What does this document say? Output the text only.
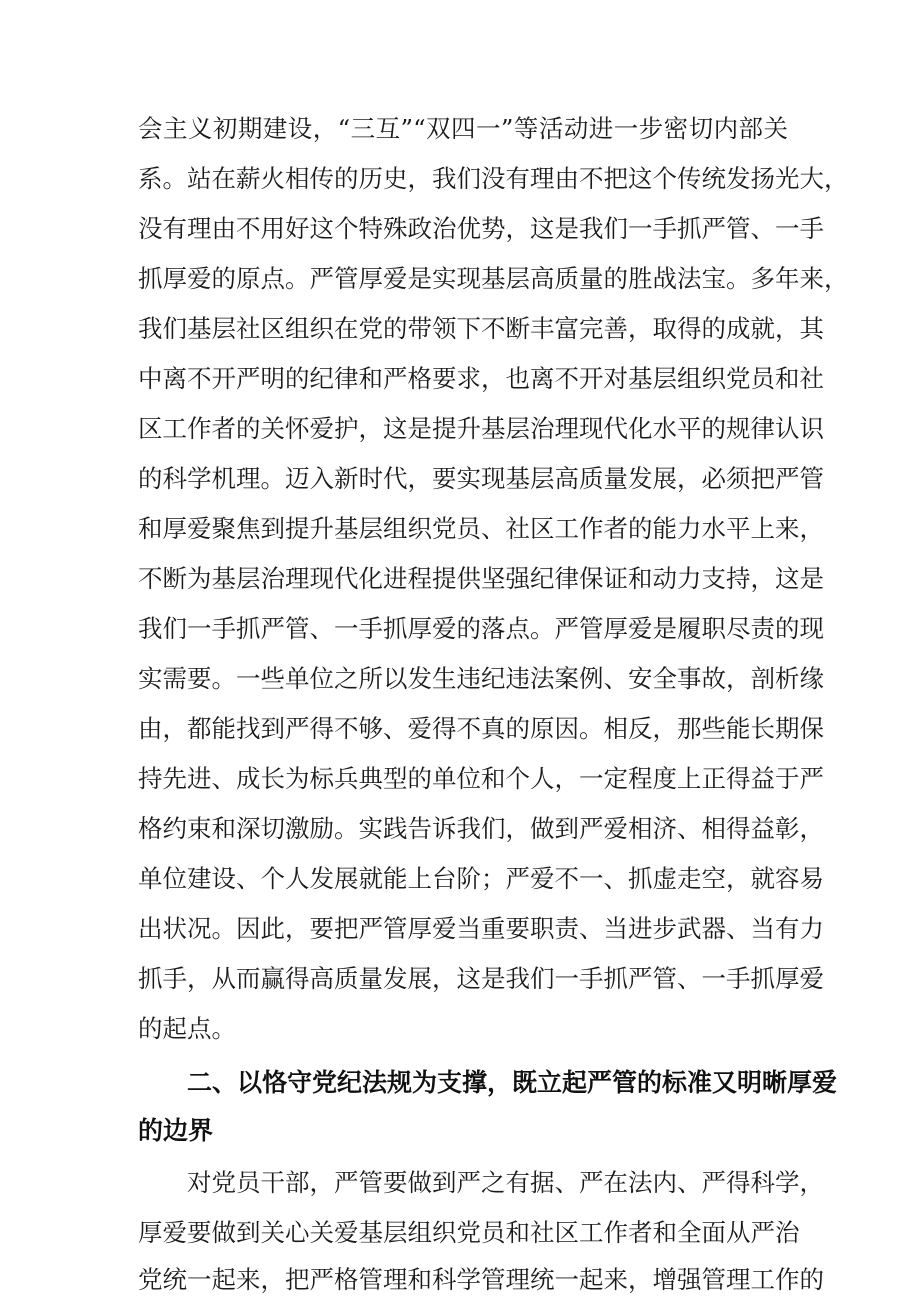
会主义初期建设，“三互”“双四一”等活动进一步密切内部关
系。站在薪火相传的历史，我们没有理由不把这个传统发扬光大，
没有理由不用好这个特殊政治优势，这是我们一手抓严管、一手
抓厚爱的原点。严管厚爱是实现基层高质量的胜战法宝。多年来，
我们基层社区组织在党的带领下不断丰富完善，取得的成就，其
中离不开严明的纪律和严格要求，也离不开对基层组织党员和社
区工作者的关怀爱护，这是提升基层治理现代化水平的规律认识
的科学机理。迈入新时代，要实现基层高质量发展，必须把严管
和厚爱聚焦到提升基层组织党员、社区工作者的能力水平上来，
不断为基层治理现代化进程提供坚强纪律保证和动力支持，这是
我们一手抓严管、一手抓厚爱的落点。严管厚爱是履职尽责的现
实需要。一些单位之所以发生违纪违法案例、安全事故，剖析缘
由，都能找到严得不够、爱得不真的原因。相反，那些能长期保
持先进、成长为标兵典型的单位和个人，一定程度上正得益于严
格约束和深切激励。实践告诉我们，做到严爱相济、相得益彰，
单位建设、个人发展就能上台阶；严爱不一、抓虚走空，就容易
出状况。因此，要把严管厚爱当重要职责、当进步武器、当有力
抓手，从而赢得高质量发展，这是我们一手抓严管、一手抓厚爱
的起点。
二、以恪守党纪法规为支撑，既立起严管的标准又明晰厚爱
的边界
对党员干部，严管要做到严之有据、严在法内、严得科学，
厚爱要做到关心关爱基层组织党员和社区工作者和全面从严治
党统一起来，把严格管理和科学管理统一起来，增强管理工作的
